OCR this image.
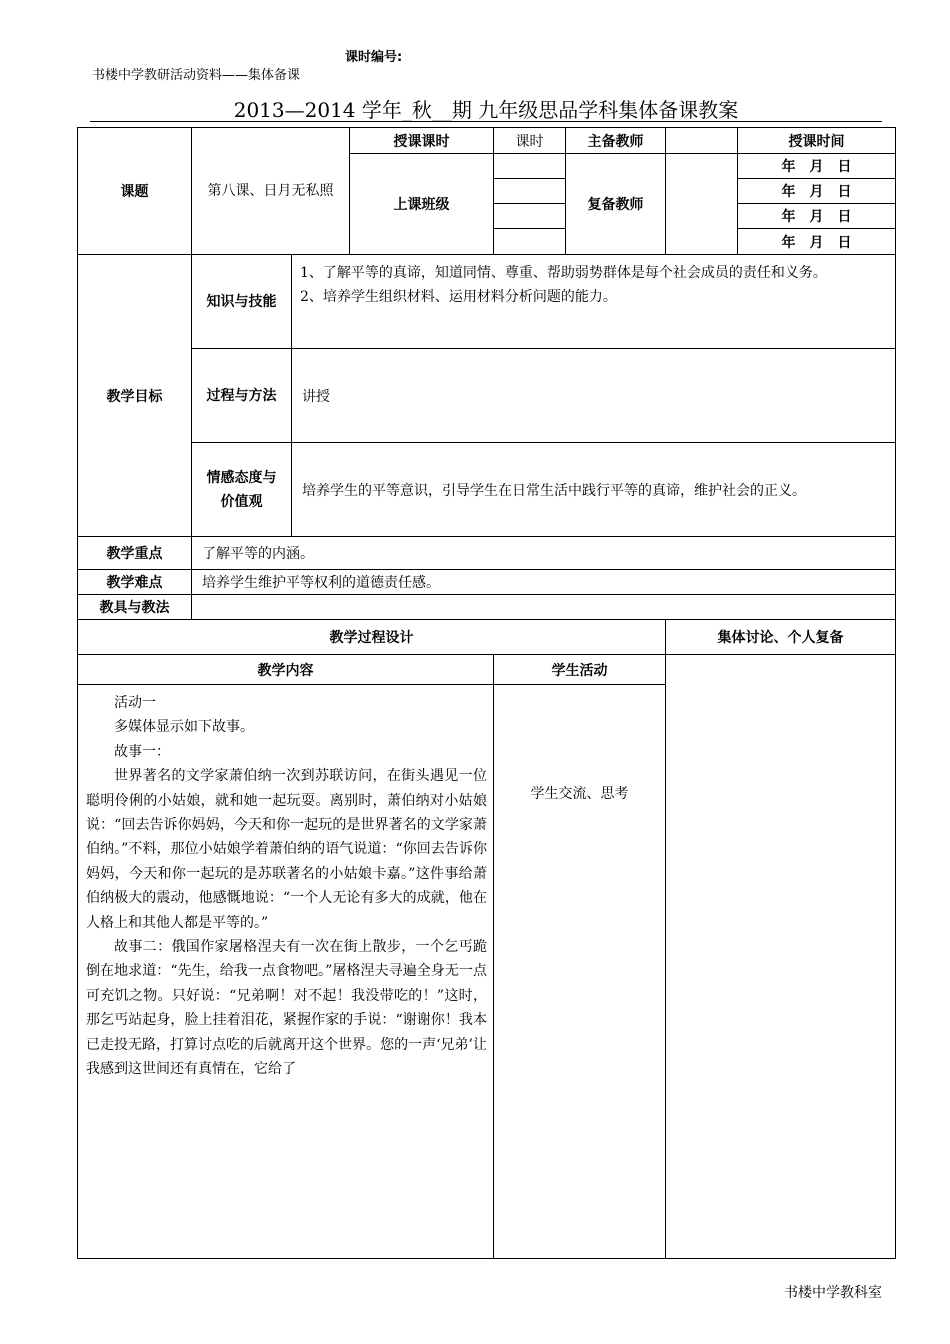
课时编号:
书楼中学教研活动资料——集体备课
2013—2014 学年_秋__期 九年级思品学科集体备课教案
课题	第八课、日月无私照		授课课时	课时	主备教师		授课时间
			上课班级		复备教师		年　月　日
							年　月　日
							年　月　日
							年　月　日
教学目标	知识与技能	1、了解平等的真谛，知道同情、尊重、帮助弱势群体是每个社会成员的责任和义务。
2、培养学生组织材料、运用材料分析问题的能力。					

	过程与方法	讲授					
	情感态度与价值观	培养学生的平等意识，引导学生在日常生活中践行平等的真谛，维护社会的正义。					
教学重点	了解平等的内涵。						
教学难点	培养学生维护平等权利的道德责任感。						
教具与教法							
教学过程设计						集体讨论、个人复备	
教学内容				学生活动			

活动一

多媒体显示如下故事。

故事一：

世界著名的文学家萧伯纳一次到苏联访问，在街头遇见一位聪明伶俐的小姑娘，就和她一起玩耍。离别时，萧伯纳对小姑娘说：“回去告诉你妈妈，今天和你一起玩的是世界著名的文学家萧伯纳。”不料，那位小姑娘学着萧伯纳的语气说道：“你回去告诉你妈妈，今天和你一起玩的是苏联著名的小姑娘卡嘉。”这件事给萧伯纳极大的震动，他感慨地说：“一个人无论有多大的成就，他在人格上和其他人都是平等的。”

故事二：俄国作家屠格涅夫有一次在街上散步，一个乞丐跪倒在地求道：“先生，给我一点食物吧。”屠格涅夫寻遍全身无一点可充饥之物。只好说：“兄弟啊！对不起！我没带吃的！”这时，那乞丐站起身，脸上挂着泪花，紧握作家的手说：“谢谢你！我本已走投无路，打算讨点吃的后就离开这个世界。您的一声‘兄弟’让我感到这世间还有真情在，它给了				学生交流、思考			
书楼中学教科室
